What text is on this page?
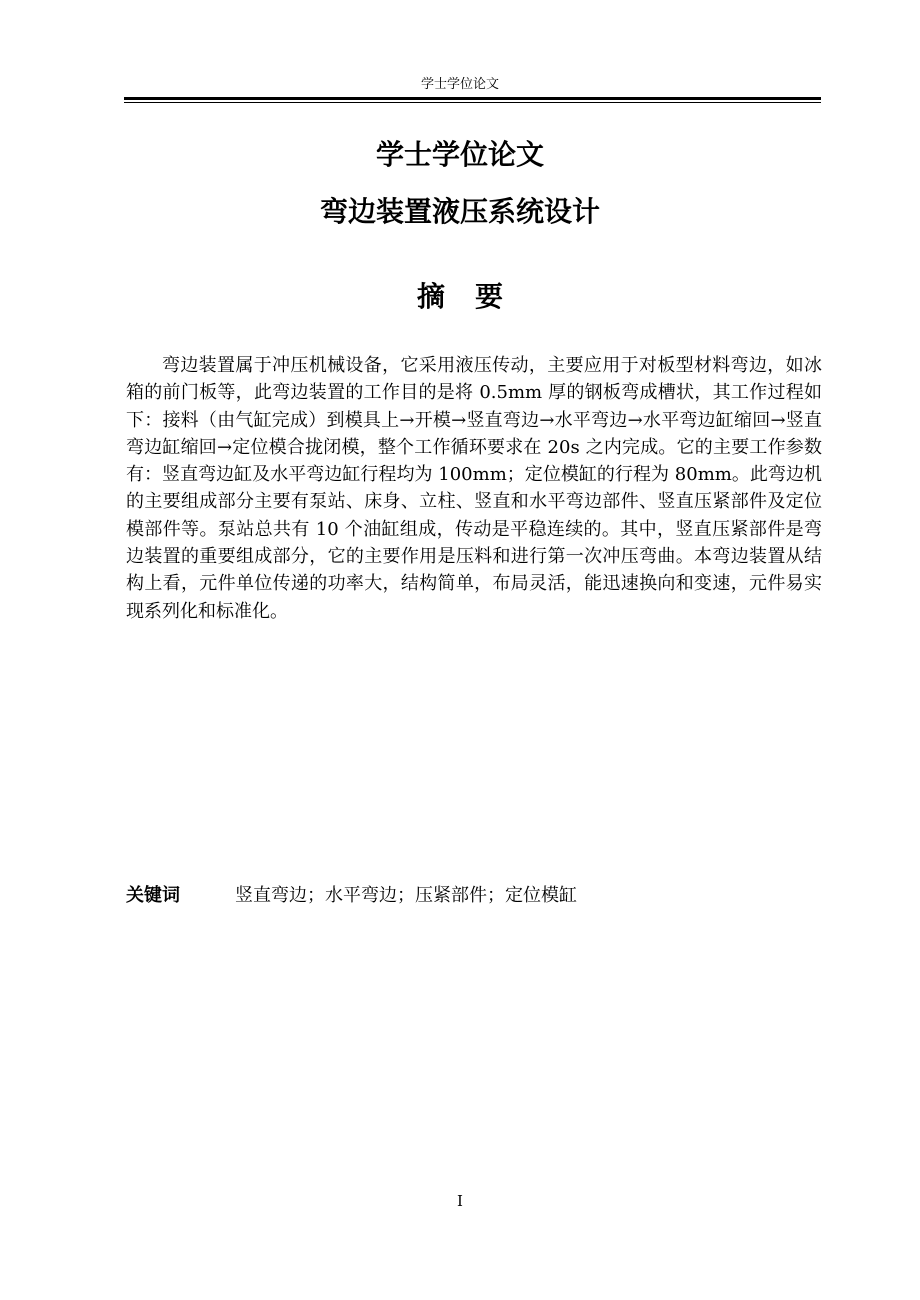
学士学位论文
学士学位论文
弯边装置液压系统设计
摘要

弯边装置属于冲压机械设备，它采用液压传动，主要应用于对板型材料弯边，如冰箱的前门板等，此弯边装置的工作目的是将 0.5mm 厚的钢板弯成槽状，其工作过程如下：接料（由气缸完成）到模具上→开模→竖直弯边→水平弯边→水平弯边缸缩回→竖直弯边缸缩回→定位模合拢闭模，整个工作循环要求在 20s 之内完成。它的主要工作参数有：竖直弯边缸及水平弯边缸行程均为 100mm；定位模缸的行程为 80mm。此弯边机的主要组成部分主要有泵站、床身、立柱、竖直和水平弯边部件、竖直压紧部件及定位模部件等。泵站总共有 10 个油缸组成，传动是平稳连续的。其中，竖直压紧部件是弯边装置的重要组成部分，它的主要作用是压料和进行第一次冲压弯曲。本弯边装置从结构上看，元件单位传递的功率大，结构简单，布局灵活，能迅速换向和变速，元件易实现系列化和标准化。

关键词	竖直弯边；水平弯边；压紧部件；定位模缸
I
